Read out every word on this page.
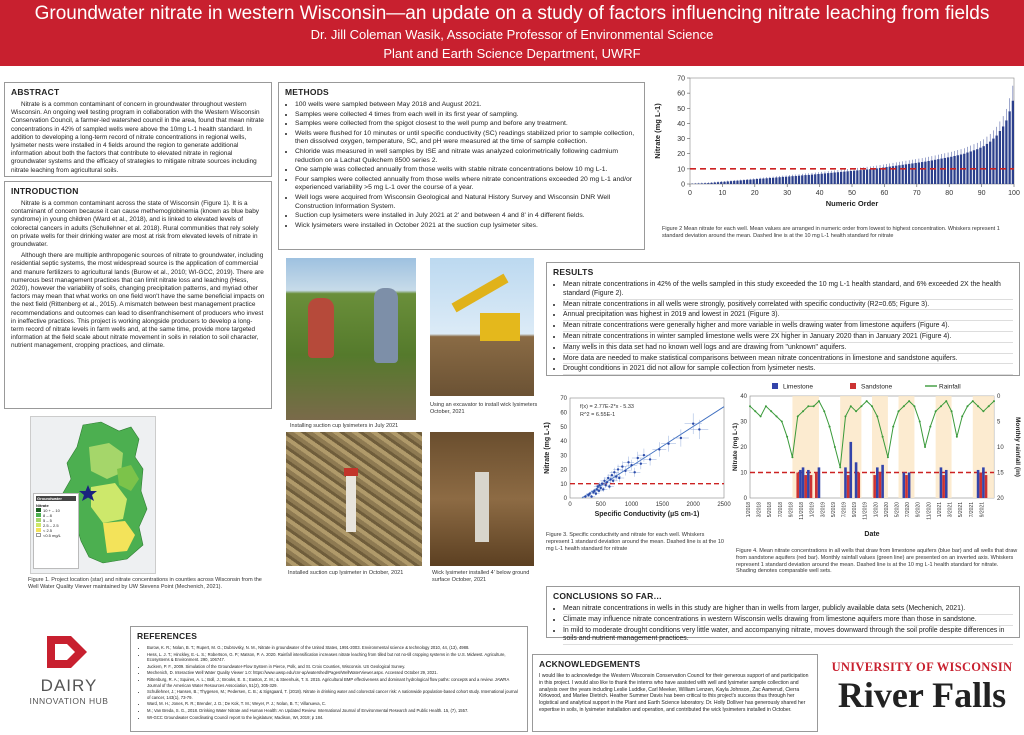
Groundwater nitrate in western Wisconsin—an update on a study of factors influencing nitrate leaching from fields
Dr. Jill Coleman Wasik, Associate Professor of Environmental Science
Plant and Earth Science Department, UWRF
ABSTRACT

Nitrate is a common contaminant of concern in groundwater throughout western Wisconsin. An ongoing well testing program in collaboration with the Western Wisconsin Conservation Council, a farmer-led watershed council in the area, found that mean nitrate concentrations in 42% of sampled wells were above the 10mg L-1 health standard. In addition to developing a long-term record of nitrate concentrations in regional wells, lysimeter nests were installed in 4 fields around the region to generate additional information about both the factors that contribute to elevated nitrate in regional groundwater systems and the efficacy of strategies to mitigate nitrate sources including nitrate leaching from agricultural soils.

INTRODUCTION

Nitrate is a common contaminant across the state of Wisconsin (Figure 1). It is a contaminant of concern because it can cause methemoglobinemia (known as blue baby syndrome) in young children (Ward et al., 2018), and is linked to elevated levels of colorectal cancers in adults (Schullehner et al. 2018). Rural communities that rely solely on private wells for their drinking water are most at risk from elevated levels of nitrate in groundwater.

Although there are multiple anthropogenic sources of nitrate to groundwater, including residential septic systems, the most widespread source is the application of commercial and manure fertilizers to agricultural lands (Burow et al., 2010; WI-GCC, 2019). There are numerous best management practices that can limit nitrate loss and leaching (Hess, 2020), however the variability of soils, changing precipitation patterns, and myriad other factors may mean that what works on one field won't have the same beneficial impacts on the next field (Rittenberg et al., 2015). A mismatch between best management practice recommendations and outcomes can lead to disenfranchisement of producers who invest in ineffective practices. This project is working alongside producers to develop a long-term record of nitrate levels in farm wells and, at the same time, provide more targeted information at the field scale about nitrate movement in soils in relation to soil character, nutrient management, cropping practices, and climate.

Groundwater
Nitrate
10 + – 10
8 – 8
5 – 5
2.5 – 2.5
< 2.5
<0.5 mg/L
Figure 1. Project location (star) and nitrate concentrations in counties across Wisconsin from the Well Water Quality Viewer maintained by UW Stevens Point (Mechenich, 2021).
METHODS
• 100 wells were sampled between May 2018 and August 2021.
• Samples were collected 4 times from each well in its first year of sampling.
• Samples were collected from the spigot closest to the well pump and before any treatment.
• Wells were flushed for 10 minutes or until specific conductivity (SC) readings stabilized prior to sample collection, then dissolved oxygen, temperature, SC, and pH were measured at the time of sample collection.
• Chloride was measured in well samples by ISE and nitrate was analyzed colorimetrically following cadmium reduction on a Lachat Quikchem 8500 series 2.
• One sample was collected annually from those wells with stable nitrate concentrations below 10 mg L-1.
• Four samples were collected annually from those wells where nitrate concentrations exceeded 20 mg L-1 and/or experienced variability >5 mg L-1 over the course of a year.
• Well logs were acquired from Wisconsin Geological and Natural History Survey and Wisconsin DNR Well Construction Information System.
• Suction cup lysimeters were installed in July 2021 at 2' and between 4 and 8' in 4 different fields.
• Wick lysimeters were installed in October 2021 at the suction cup lysimeter sites.
Installing suction cup lysimeters in July 2021
Using an excavator to install wick lysimeters October, 2021
Installed suction cup lysimeter in October, 2021	Wick lysimeter installed 4' below ground surface October, 2021
0
10
20
30
40
50
60
70
0	10	20	30	40	50	60	70	80	90	100
Numeric Order
Nitrate (mg L-1)
Figure 2 Mean nitrate for each well. Mean values are arranged in numeric order from lowest to highest concentration. Whiskers represent 1 standard deviation around the mean. Dashed line is at the 10 mg L-1 health standard for nitrate
RESULTS
• Mean nitrate concentrations in 42% of the wells sampled in this study exceeded the 10 mg L-1 health standard, and 6% exceeded 2X the health standard (Figure 2).
• Mean nitrate concentrations in all wells were strongly, positively correlated with specific conductivity (R2=0.65; Figure 3).
• Annual precipitation was highest in 2019 and lowest in 2021 (Figure 3).
• Mean nitrate concentrations were generally higher and more variable in wells drawing water from limestone aquifers (Figure 4).
• Mean nitrate concentrations in winter sampled limestone wells were 2X higher in January 2020 than in January 2021 (Figure 4).
• Many wells in this data set had no known well logs and are drawing from "unknown" aquifers.
• More data are needed to make statistical comparisons between mean nitrate concentrations in limestone and sandstone aquifers.
• Drought conditions in 2021 did not allow for sample collection from lysimeter nests.
0
10
20
30
40
50
60
70
0	500	1000	1500	2000	2500
f(x) = 2.77E-2*x - 5.33
R^2 = 6.55E-1
Specific Conductivity (µS cm-1)
Nitrate (mg L-1)
Figure 3. Specific conductivity and nitrate for each well. Whiskers represent 1 standard deviation around the mean. Dashed line is at the 10 mg L-1 health standard for nitrate
0
10
20
30
40	0
5
10
15
20
1/2018 3/2018 5/2018 7/2018 9/2018 11/2018 1/2019 3/2019 5/2019 7/2019 9/2019 11/2019 1/2020 3/2020 5/2020 7/2020 9/2020 11/2020 1/2021 3/2021 5/2021 7/2021 9/2021
Date
Nitrate (mg L-1)	Monthly rainfall (in)
Limestone	Sandstone	Rainfall
Figure 4. Mean nitrate concentrations in all wells that draw from limestone aquifers (blue bar) and all wells that draw from sandstone aquifers (red bar). Monthly rainfall values (green line) are presented on an inverted axis. Whiskers represent 1 standard deviation around the mean. Dashed line is at the 10 mg L-1 health standard for nitrate. Shading denotes comparable well sets.
CONCLUSIONS SO FAR…
• Mean nitrate concentrations in wells in this study are higher than in wells from larger, publicly available data sets (Mechenich, 2021).
• Climate may influence nitrate concentrations in western Wisconsin wells drawing from limestone aquifers more than those in sandstone.
• In mild to moderate drought conditions very little water, and accompanying nitrate, moves downward through the soil profile despite differences in soils and nutrient management practices.
DAIRY
INNOVATION HUB
REFERENCES
• Burow, K. R.; Nolan, B. T.; Rupert, M. G.; Dubrovsky, N. M., Nitrate in groundwater of the United States, 1991-2003. Environmental science & technology 2010, 44, (13), 4988.
• Hess, L. J. T.; Hinckley, E.-L. S.; Robertson, G. P.; Matson, P. A. 2020. Rainfall intensification increases nitrate leaching from tilled but not no-till cropping systems in the U.S. Midwest. Agriculture, Ecosystems & Environment. 290, 106747.
• Juckem, P. F., 2009. Simulation of the Groundwater-Flow System in Pierce, Polk, and St. Croix Counties, Wisconsin. US Geological Survey.
• Mechenich, D. Interactive Well Water Quality Viewer 1.0: https://www.uwsp.edu/cnr-ap/watershed/Pages/WellWaterViewer.aspx. Accessed October 29, 2021.
• Rittenburg, R. A.; Squires, A. L.; Boll, J.; Brooks, E. S.; Easton, Z. M.; & Steenhuis, T. S. 2015. Agricultural BMP effectiveness and dominant hydrological flow paths: concepts and a review. JAWRA Journal of the American Water Resources Association, 51(2), 305-329.
• Schullehner, J.; Hansen, B.; Thygesen, M.; Pedersen, C. B.; & Sigsgaard, T. (2018). Nitrate in drinking water and colorectal cancer risk: A nationwide population-based cohort study. International journal of cancer, 143(1), 73-79.
• Ward, M. H.; Jones, R. R.; Brender, J. D.; De Kok, T. M.; Weyer, P. J.; Nolan, B. T.; Villanueva, C.
• M.; Van Breda, S. G., 2018. Drinking Water Nitrate and Human Health: An Updated Review. International Journal of Environmental Research and Public Health. 15, (7), 1557.
• WI-GCC Groundwater Coordinating Council report to the legislature; Madison, WI, 2019; p 184.
ACKNOWLEDGEMENTS

I would like to acknowledge the Western Wisconsin Conservation Council for their generous support of and participation in this project. I would also like to thank the interns who have assisted with well and lysimeter sample collection and analysis over the years including Leslie Luddke, Carl Meeker, William Lenzen, Kayla Johnson, Zac Aamerud, Cierra Kirkwood, and Marlee Dietrich. Heather Summer Davis has been critical to this project's success thus through her logistical and analytical support in the Plant and Earth Science laboratory. Dr. Holly Dolliver has generously shared her expertise in soils, in lysimeter installation and operation, and contributed the wick lysimeters installed in October.

UNIVERSITY OF WISCONSIN
River Falls
